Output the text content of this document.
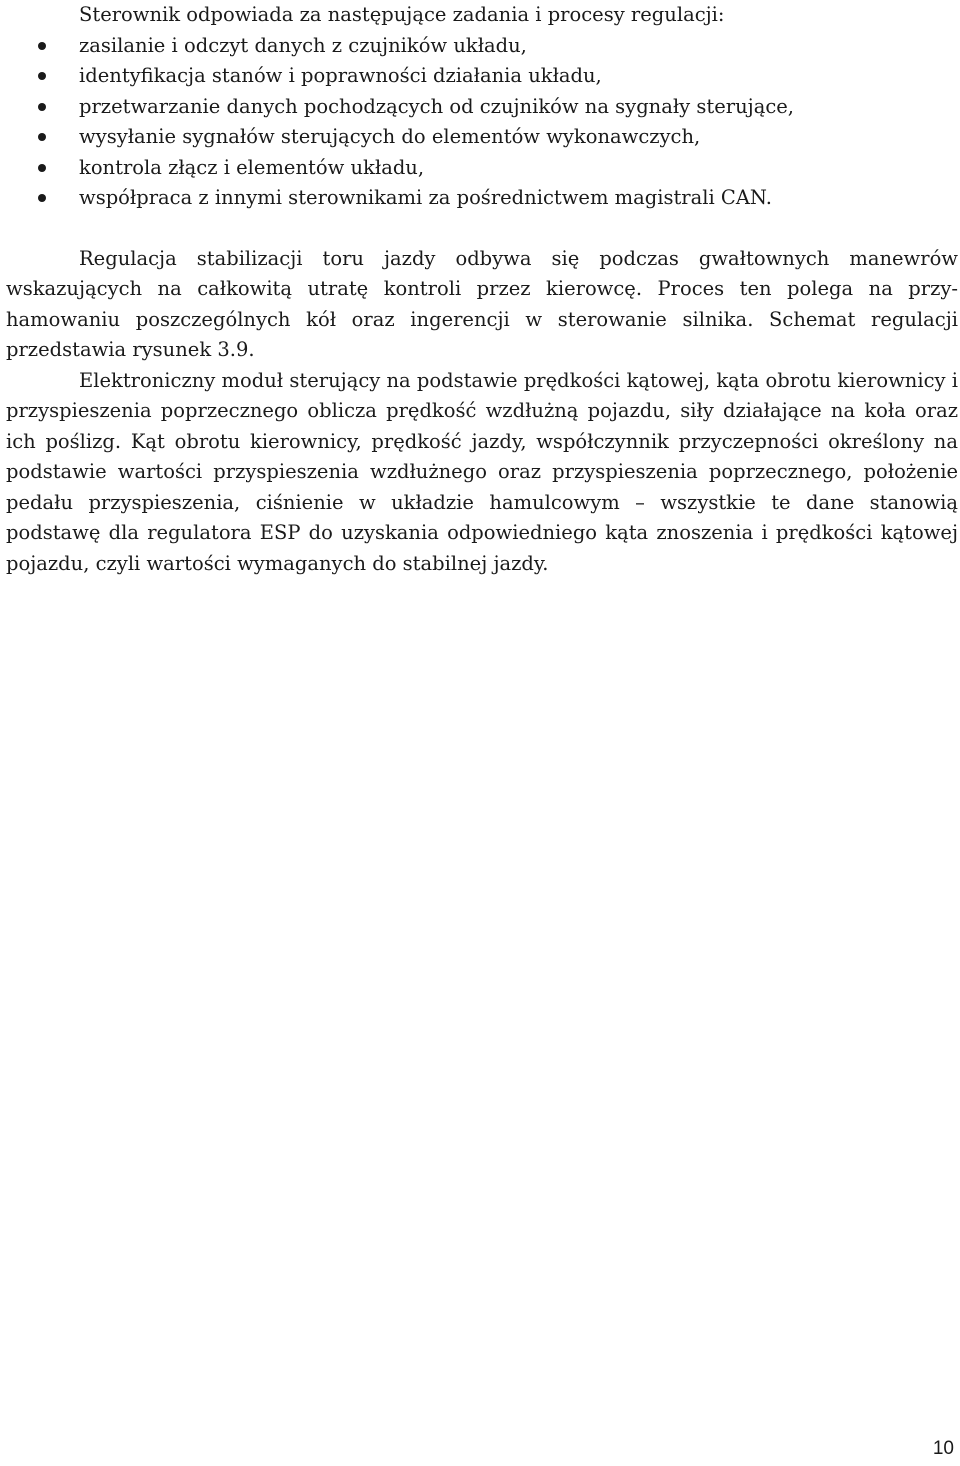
Sterownik odpowiada za następujące zadania i procesy regulacji:

zasilanie i odczyt danych z czujników układu,
identyfikacja stanów i poprawności działania układu,
przetwarzanie danych pochodzących od czujników na sygnały sterujące,
wysyłanie sygnałów sterujących do elementów wykonawczych,
kontrola złącz i elementów układu,
współpraca z innymi sterownikami za pośrednictwem magistrali CAN.

Regulacja stabilizacji toru jazdy odbywa się podczas gwałtownych manewrów wskazujących na całkowitą utratę kontroli przez kierowcę. Proces ten polega na przyhamowaniu poszczególnych kół oraz ingerencji w sterowanie silnika. Schemat regulacji przedstawia rysunek 3.9.

Elektroniczny moduł sterujący na podstawie prędkości kątowej, kąta obrotu kierownicy i przyspieszenia poprzecznego oblicza prędkość wzdłużną pojazdu, siły działające na koła oraz ich poślizg. Kąt obrotu kierownicy, prędkość jazdy, współczynnik przyczepności określony na podstawie wartości przyspieszenia wzdłużnego oraz przyspieszenia poprzecznego, położenie pedału przyspieszenia, ciśnienie w układzie hamulcowym – wszystkie te dane stanowią podstawę dla regulatora ESP do uzyskania odpowiedniego kąta znoszenia i prędkości kątowej pojazdu, czyli wartości wymaganych do stabilnej jazdy.

10
